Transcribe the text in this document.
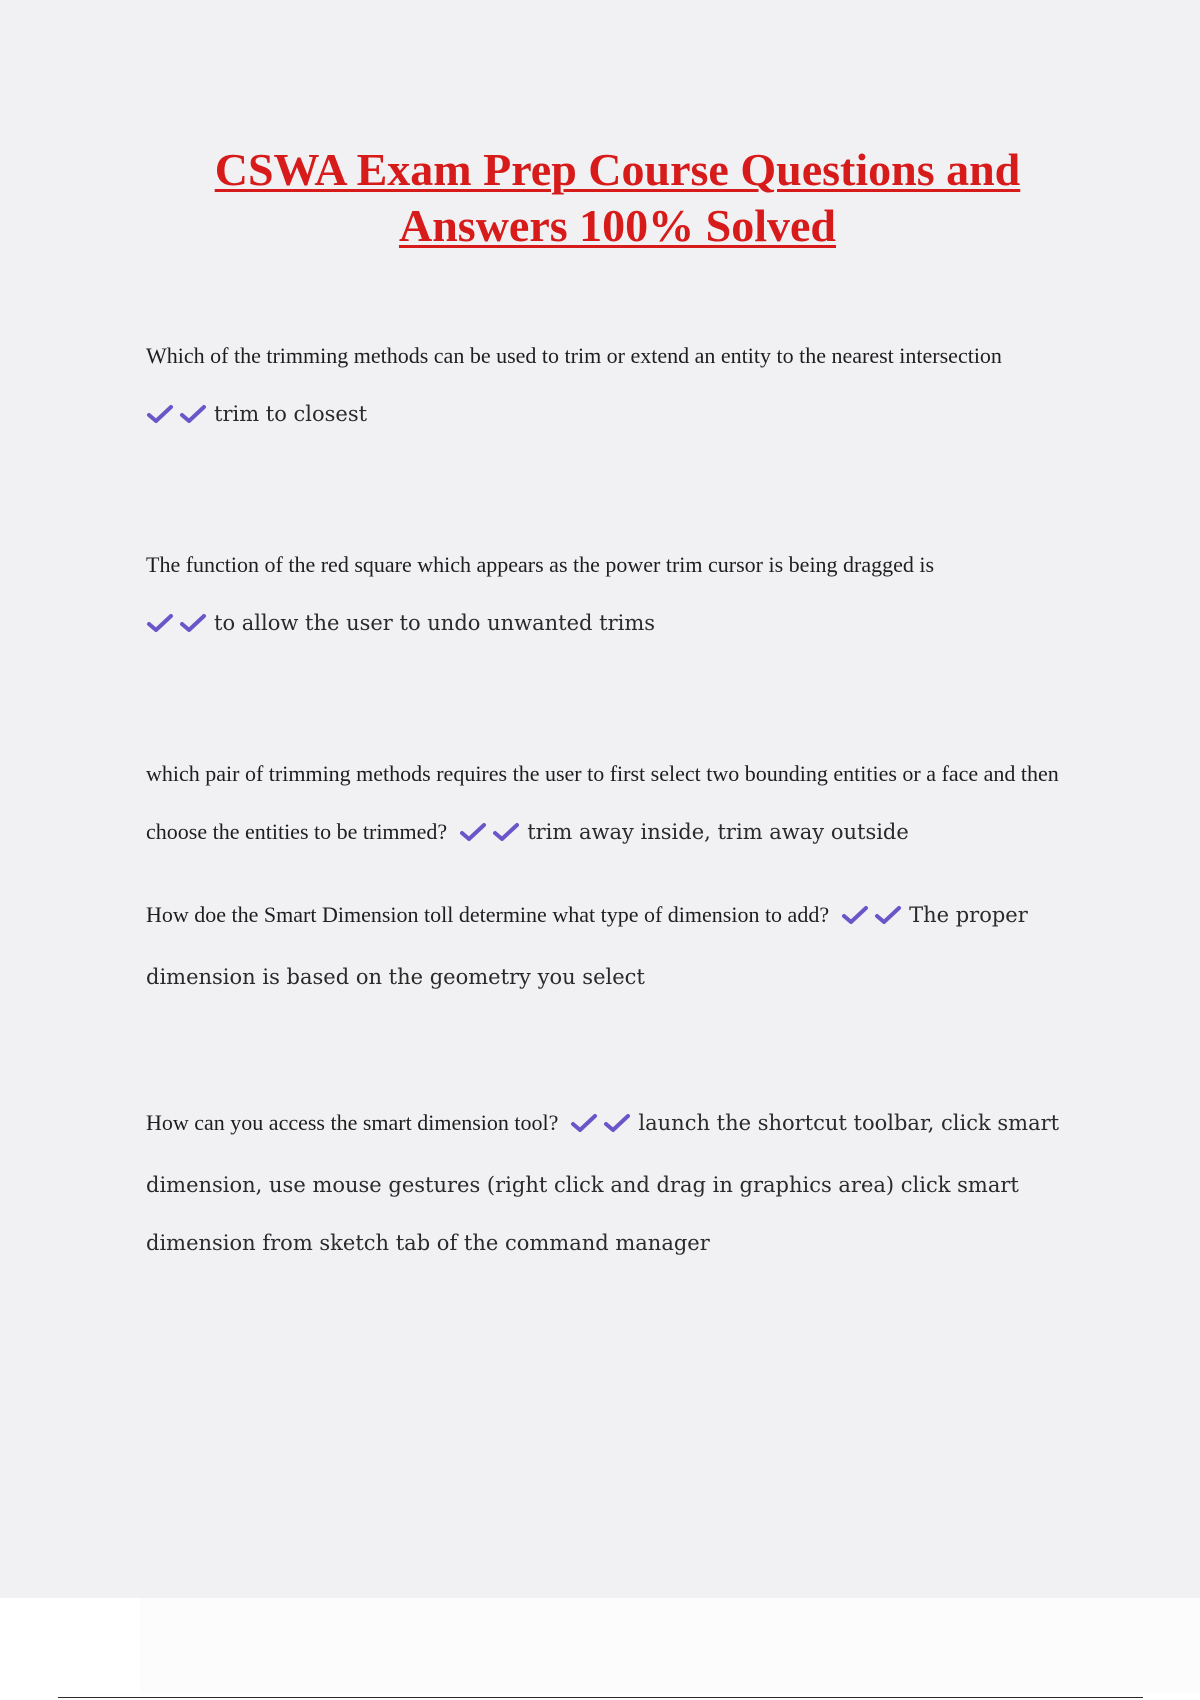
CSWA Exam Prep Course Questions and Answers 100% Solved

Which of the trimming methods can be used to trim or extend an entity to the nearest intersection
trim to closest

The function of the red square which appears as the power trim cursor is being dragged is
to allow the user to undo unwanted trims

which pair of trimming methods requires the user to first select two bounding entities or a face and then choose the entities to be trimmed?	trim away inside, trim away outside

How doe the Smart Dimension toll determine what type of dimension to add?	The proper dimension is based on the geometry you select

How can you access the smart dimension tool?	launch the shortcut toolbar, click smart dimension, use mouse gestures (right click and drag in graphics area) click smart dimension from sketch tab of the command manager
